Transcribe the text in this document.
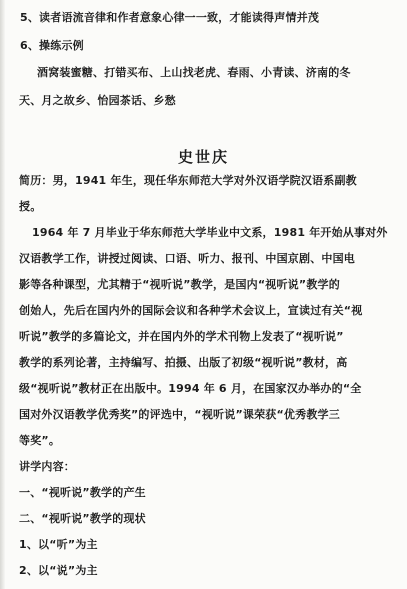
5、读者语流音律和作者意象心律一一致，才能读得声情并茂
6、操练示例
酒窝装蜜糖、打错买布、上山找老虎、春雨、小青读、济南的冬
天、月之故乡、怡园茶话、乡愁
史世庆
简历：男，1941 年生，现任华东师范大学对外汉语学院汉语系副教
授。
1964 年 7 月毕业于华东师范大学毕业中文系，1981 年开始从事对外
汉语教学工作，讲授过阅读、口语、听力、报刊、中国京剧、中国电
影等各种课型，尤其精于“视听说”教学，是国内“视听说”教学的
创始人，先后在国内外的国际会议和各种学术会议上，宣读过有关“视
听说”教学的多篇论文，并在国内外的学术刊物上发表了“视听说”
教学的系列论著，主持编写、拍摄、出版了初级“视听说”教材，高
级“视听说”教材正在出版中。1994 年 6 月，在国家汉办举办的“全
国对外汉语教学优秀奖”的评选中，“视听说”课荣获“优秀教学三
等奖”。
讲学内容：
一、“视听说”教学的产生
二、“视听说”教学的现状
1、以“听”为主
2、以“说”为主
